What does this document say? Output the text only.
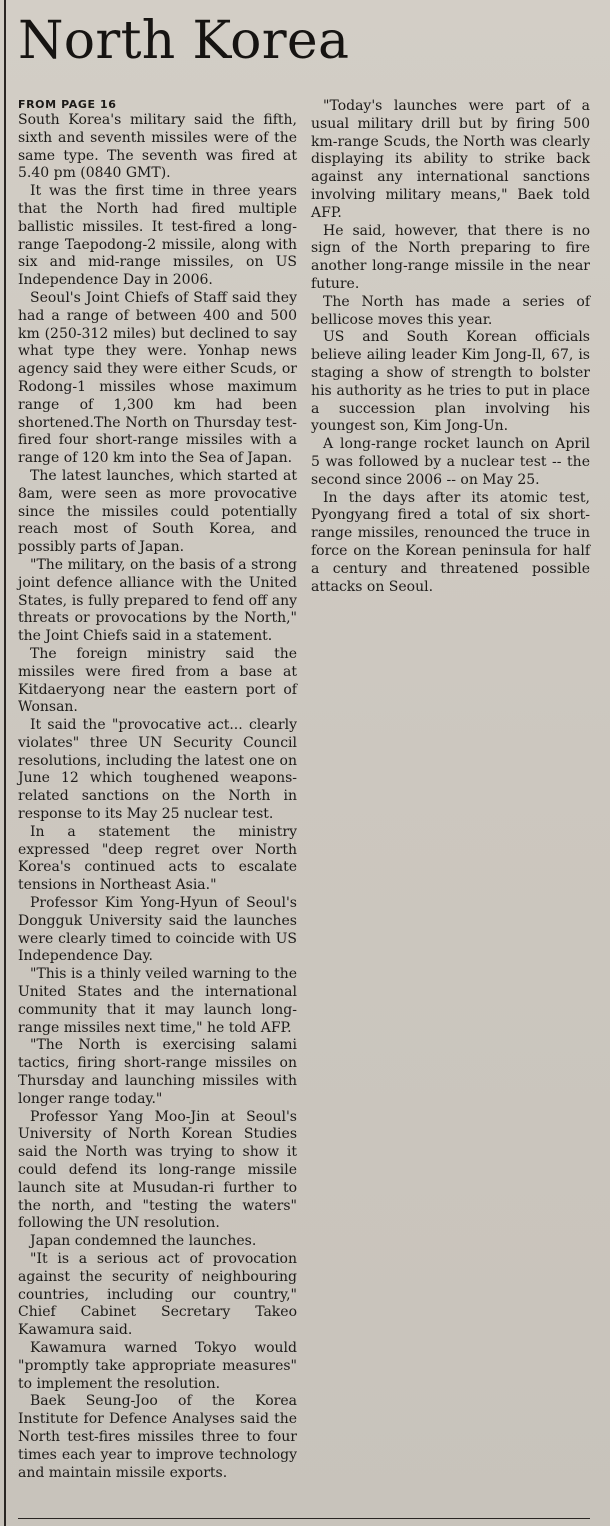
North Korea
FROM PAGE 16

South Korea's military said the fifth, sixth and seventh missiles were of the same type. The seventh was fired at 5.40 pm (0840 GMT).

It was the first time in three years that the North had fired multiple ballistic missiles. It test-fired a long-range Taepodong-2 missile, along with six and mid-range missiles, on US Independence Day in 2006.

Seoul's Joint Chiefs of Staff said they had a range of between 400 and 500 km (250-312 miles) but declined to say what type they were. Yonhap news agency said they were either Scuds, or Rodong-1 missiles whose maximum range of 1,300 km had been shortened.The North on Thursday test-fired four short-range missiles with a range of 120 km into the Sea of Japan.

The latest launches, which started at 8am, were seen as more provocative since the missiles could potentially reach most of South Korea, and possibly parts of Japan.

"The military, on the basis of a strong joint defence alliance with the United States, is fully prepared to fend off any threats or provocations by the North," the Joint Chiefs said in a statement.

The foreign ministry said the missiles were fired from a base at Kitdaeryong near the eastern port of Wonsan.

It said the "provocative act... clearly violates" three UN Security Council resolutions, including the latest one on June 12 which toughened weapons-related sanctions on the North in response to its May 25 nuclear test.

In a statement the ministry expressed "deep regret over North Korea's continued acts to escalate tensions in Northeast Asia."

Professor Kim Yong-Hyun of Seoul's Dongguk University said the launches were clearly timed to coincide with US Independence Day.

"This is a thinly veiled warning to the United States and the international community that it may launch long-range missiles next time," he told AFP.

"The North is exercising salami tactics, firing short-range missiles on Thursday and launching missiles with longer range today."

Professor Yang Moo-Jin at Seoul's University of North Korean Studies said the North was trying to show it could defend its long-range missile launch site at Musudan-ri further to the north, and "testing the waters" following the UN resolution.

Japan condemned the launches.

"It is a serious act of provocation against the security of neighbouring countries, including our country," Chief Cabinet Secretary Takeo Kawamura said.

Kawamura warned Tokyo would "promptly take appropriate measures" to implement the resolution.

Baek Seung-Joo of the Korea Institute for Defence Analyses said the North test-fires missiles three to four times each year to improve technology and maintain missile exports.

"Today's launches were part of a usual military drill but by firing 500 km-range Scuds, the North was clearly displaying its ability to strike back against any international sanctions involving military means," Baek told AFP.

He said, however, that there is no sign of the North preparing to fire another long-range missile in the near future.

The North has made a series of bellicose moves this year.

US and South Korean officials believe ailing leader Kim Jong-Il, 67, is staging a show of strength to bolster his authority as he tries to put in place a succession plan involving his youngest son, Kim Jong-Un.

A long-range rocket launch on April 5 was followed by a nuclear test -- the second since 2006 -- on May 25.

In the days after its atomic test, Pyongyang fired a total of six short-range missiles, renounced the truce in force on the Korean peninsula for half a century and threatened possible attacks on Seoul.
